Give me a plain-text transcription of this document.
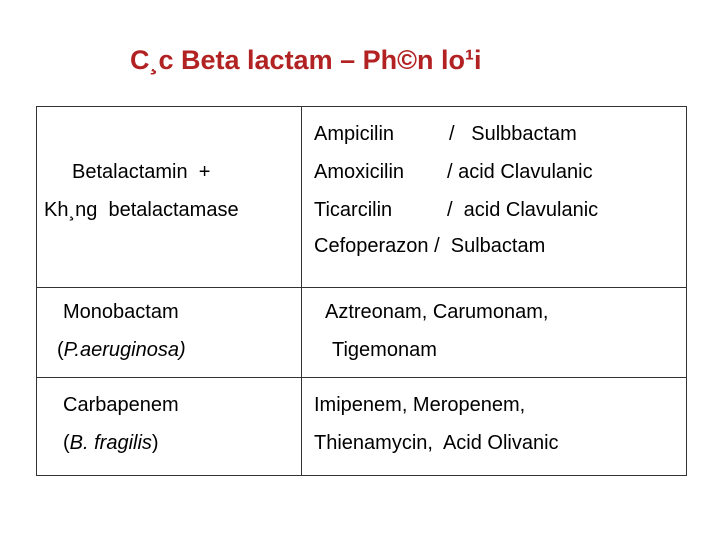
C¸c Beta lactam – Ph©n lo¹i
Betalactamin  +
Kh¸ng  betalactamase
Ampicilin	/   Sulbbactam
Amoxicilin / acid Clavulanic
Ticarcilin	/  acid Clavulanic
Cefoperazon /  Sulbactam
Monobactam
(P.aeruginosa)
Aztreonam, Carumonam,
Tigemonam
Carbapenem
(B. fragilis)
Imipenem, Meropenem,
Thienamycin,  Acid Olivanic
